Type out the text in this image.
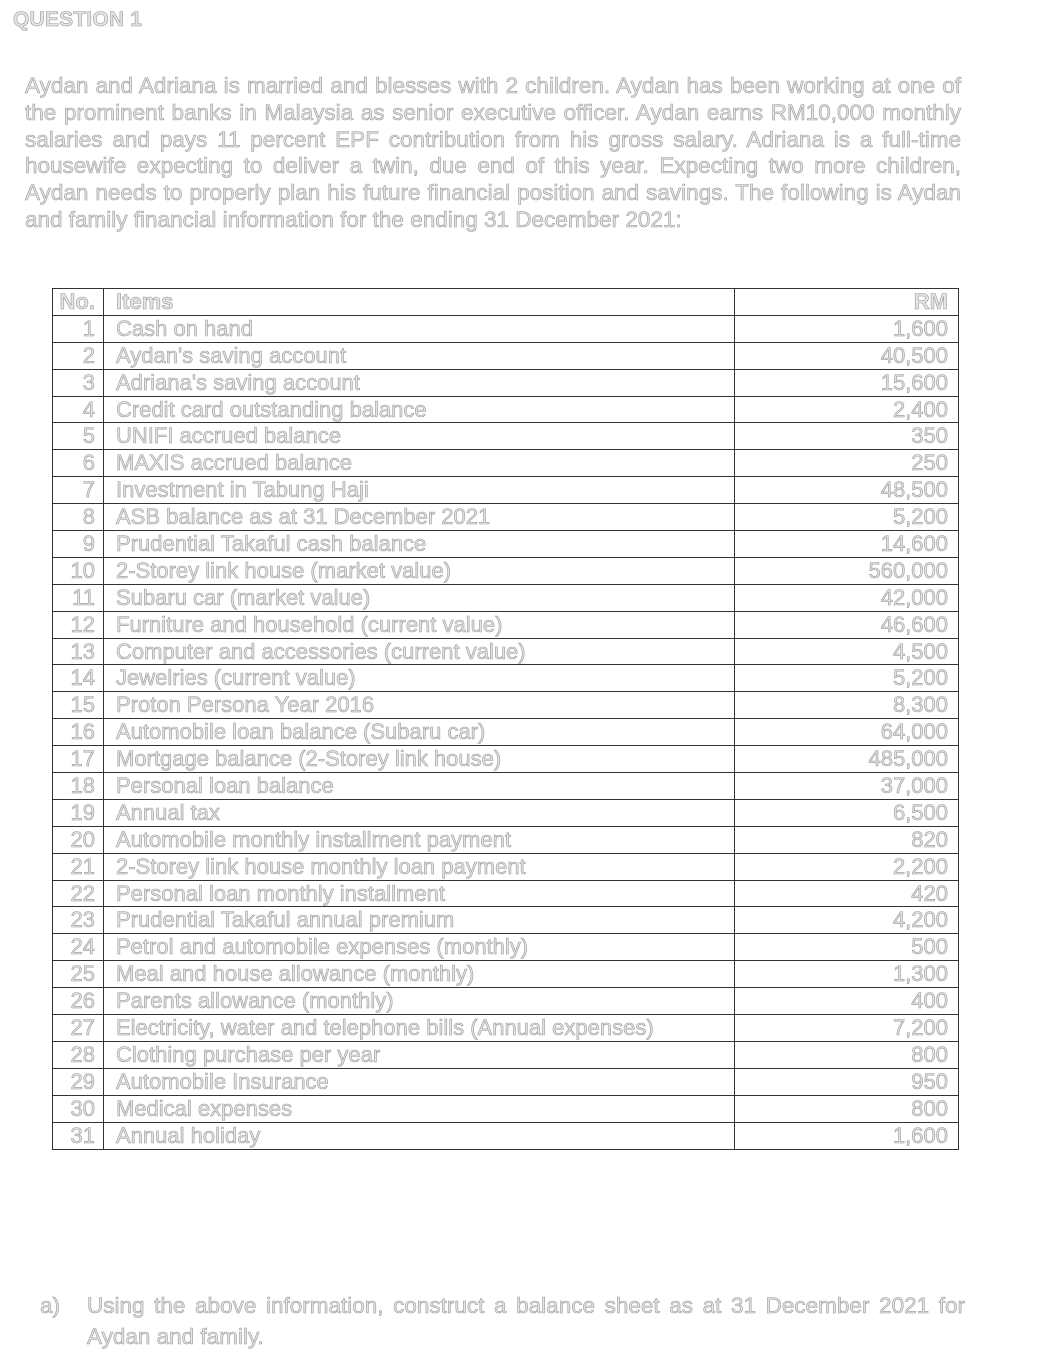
QUESTION 1

Aydan and Adriana is married and blesses with 2 children. Aydan has been working at one of the prominent banks in Malaysia as senior executive officer. Aydan earns RM10,000 monthly salaries and pays 11 percent EPF contribution from his gross salary. Adriana is a full-time housewife expecting to deliver a twin, due end of this year. Expecting two more children, Aydan needs to properly plan his future financial position and savings. The following is Aydan and family financial information for the ending 31 December 2021:

No.	Items	RM
1	Cash on hand	1,600
2	Aydan's saving account	40,500
3	Adriana's saving account	15,600
4	Credit card outstanding balance	2,400
5	UNIFI accrued balance	350
6	MAXIS accrued balance	250
7	Investment in Tabung Haji	48,500
8	ASB balance as at 31 December 2021	5,200
9	Prudential Takaful cash balance	14,600
10	2-Storey link house (market value)	560,000
11	Subaru car (market value)	42,000
12	Furniture and household (current value)	46,600
13	Computer and accessories (current value)	4,500
14	Jewelries (current value)	5,200
15	Proton Persona Year 2016	8,300
16	Automobile loan balance (Subaru car)	64,000
17	Mortgage balance (2-Storey link house)	485,000
18	Personal loan balance	37,000
19	Annual tax	6,500
20	Automobile monthly installment payment	820
21	2-Storey link house monthly loan payment	2,200
22	Personal loan monthly installment	420
23	Prudential Takaful annual premium	4,200
24	Petrol and automobile expenses (monthly)	500
25	Meal and house allowance (monthly)	1,300
26	Parents allowance (monthly)	400
27	Electricity, water and telephone bills (Annual expenses)	7,200
28	Clothing purchase per year	800
29	Automobile Insurance	950
30	Medical expenses	800
31	Annual holiday	1,600
a)	Using the above information, construct a balance sheet as at 31 December 2021 for Aydan and family.
